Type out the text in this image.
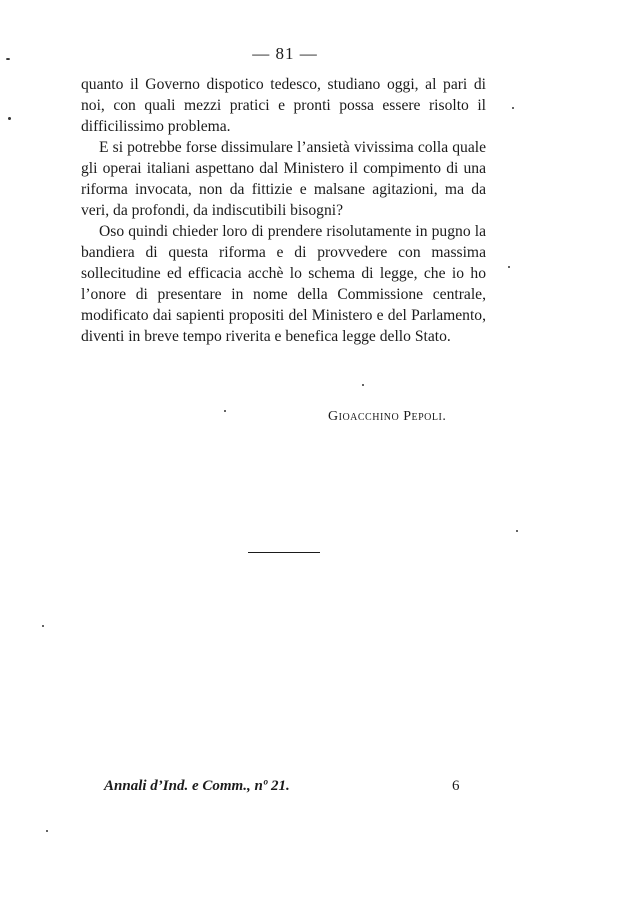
— 81 —

quanto il Governo dispotico tedesco, studiano oggi, al pari di noi, con quali mezzi pratici e pronti possa essere risolto il difficilissimo problema.

E si potrebbe forse dissimulare l’ansietà vivissima colla quale gli operai italiani aspettano dal Ministero il compimento di una riforma invocata, non da fittizie e malsane agitazioni, ma da veri, da profondi, da indiscutibili bisogni?

Oso quindi chieder loro di prendere risolutamente in pugno la bandiera di questa riforma e di provvedere con massima sollecitudine ed efficacia acchè lo schema di legge, che io ho l’onore di presentare in nome della Commissione centrale, modificato dai sapienti propositi del Ministero e del Parlamento, diventi in breve tempo riverita e benefica legge dello Stato.

Gioacchino Pepoli.
Annali d’Ind. e Comm., nº 21.	6
